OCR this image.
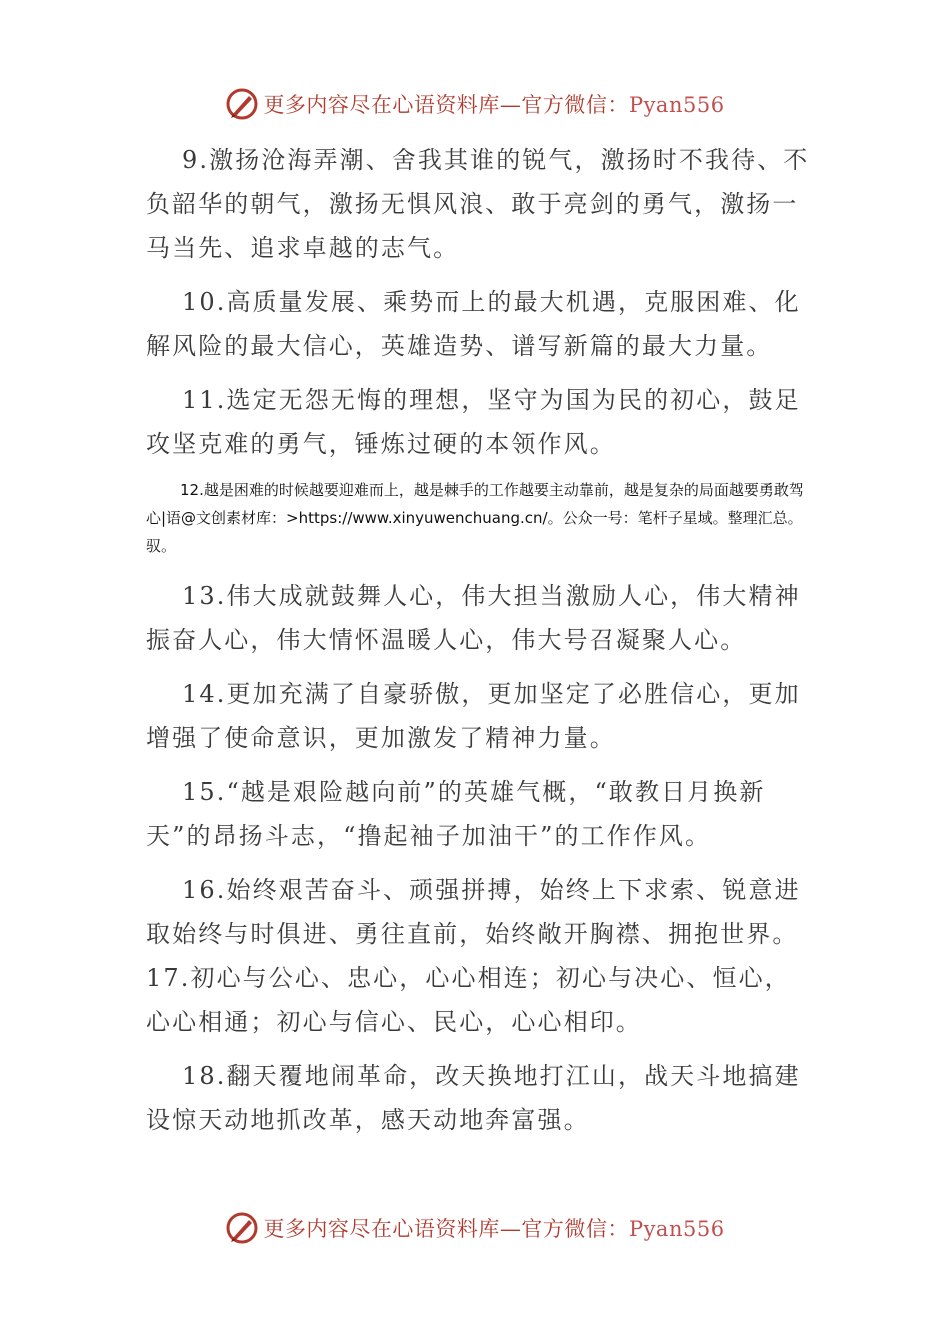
更多内容尽在心语资料库—官方微信：Pyan556

9.激扬沧海弄潮、舍我其谁的锐气，激扬时不我待、不负韶华的朝气，激扬无惧风浪、敢于亮剑的勇气，激扬一马当先、追求卓越的志气。

10.高质量发展、乘势而上的最大机遇，克服困难、化解风险的最大信心，英雄造势、谱写新篇的最大力量。

11.选定无怨无悔的理想，坚守为国为民的初心，鼓足攻坚克难的勇气，锤炼过硬的本领作风。

12.越是困难的时候越要迎难而上，越是棘手的工作越要主动靠前，越是复杂的局面越要勇敢驾心|语@文创素材库：>https://www.xinyuwenchuang.cn/。公众一号：笔杆子星域。整理汇总。驭。

13.伟大成就鼓舞人心，伟大担当激励人心，伟大精神振奋人心，伟大情怀温暖人心，伟大号召凝聚人心。

14.更加充满了自豪骄傲，更加坚定了必胜信心，更加增强了使命意识，更加激发了精神力量。

15.“越是艰险越向前”的英雄气概，“敢教日月换新天”的昂扬斗志，“撸起袖子加油干”的工作作风。

16.始终艰苦奋斗、顽强拼搏，始终上下求索、锐意进取始终与时俱进、勇往直前，始终敞开胸襟、拥抱世界。17.初心与公心、忠心，心心相连；初心与决心、恒心，心心相通；初心与信心、民心，心心相印。

18.翻天覆地闹革命，改天换地打江山，战天斗地搞建设惊天动地抓改革，感天动地奔富强。

更多内容尽在心语资料库—官方微信：Pyan556
